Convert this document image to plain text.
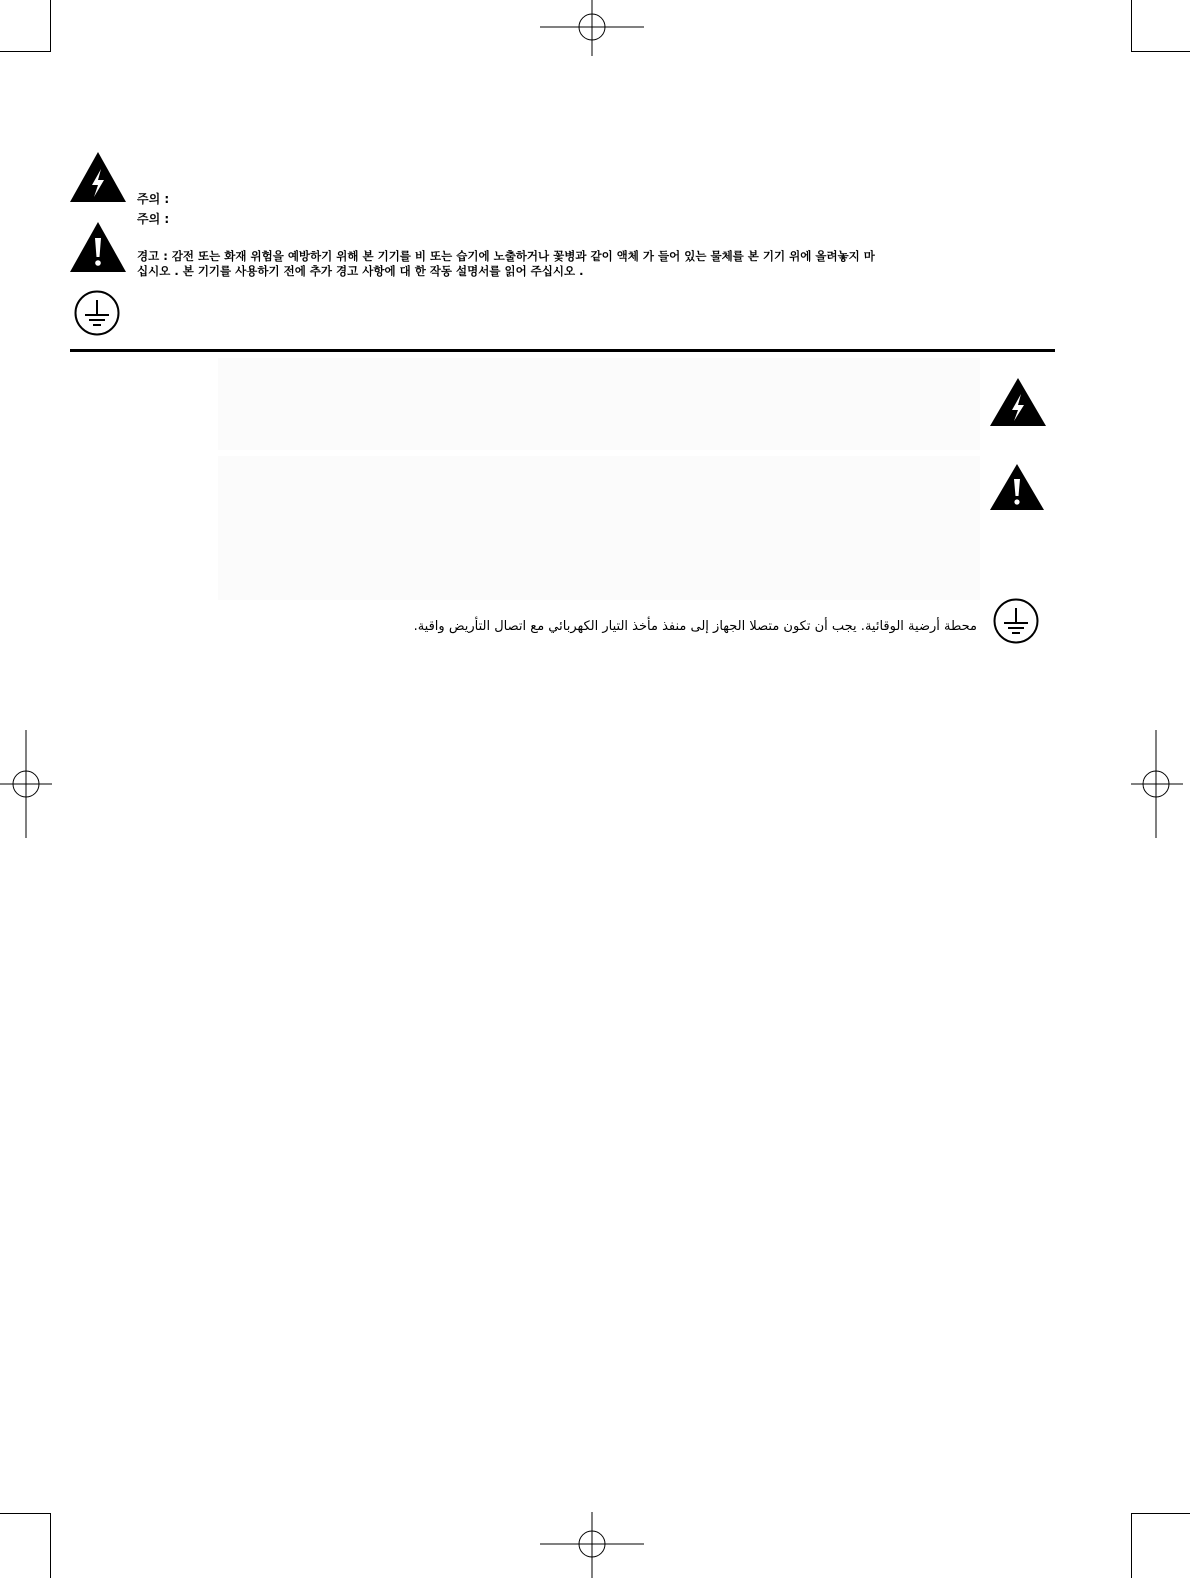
주의 :
주의 :
경고 : 감전 또는 화재 위험을 예방하기 위해 본 기기를 비 또는 습기에 노출하거나 꽃병과 같이 액체 가 들어 있는 물체를 본 기기 위에 올려놓지 마
십시오 . 본 기기를 사용하기 전에 추가 경고 사항에 대 한 작동 설명서를 읽어 주십시오 .
محطة أرضية الوقائية. يجب أن تكون متصلا الجهاز إلى منفذ مأخذ التيار الكهربائي مع اتصال التأريض واقية.
